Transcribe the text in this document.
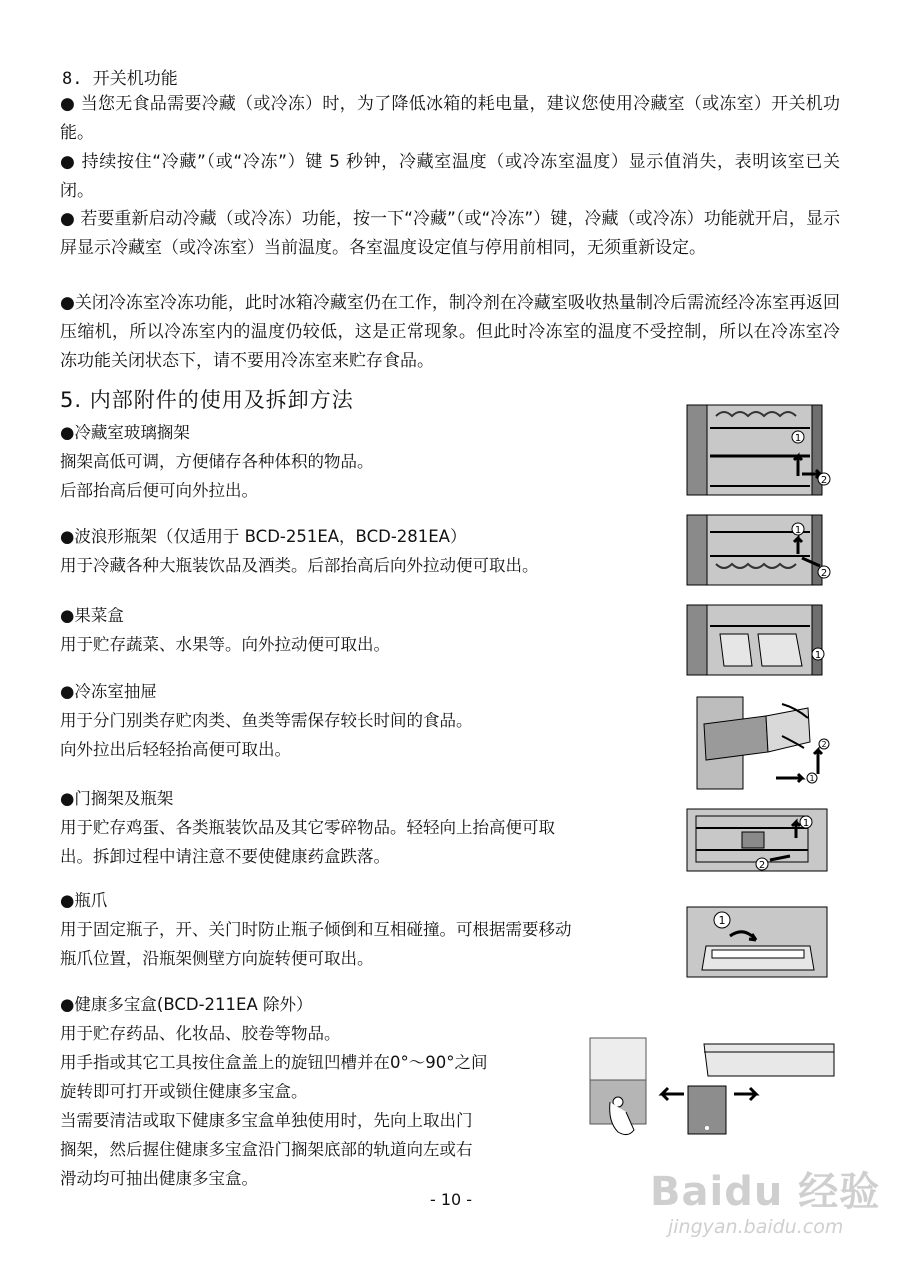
8. 开关机功能

● 当您无食品需要冷藏（或冷冻）时，为了降低冰箱的耗电量，建议您使用冷藏室（或冻室）开关机功能。

● 持续按住“冷藏”（或“冷冻”）键 5 秒钟，冷藏室温度（或冷冻室温度）显示值消失，表明该室已关闭。

● 若要重新启动冷藏（或冷冻）功能，按一下“冷藏”（或“冷冻”）键，冷藏（或冷冻）功能就开启，显示屏显示冷藏室（或冷冻室）当前温度。各室温度设定值与停用前相同，无须重新设定。

●关闭冷冻室冷冻功能，此时冰箱冷藏室仍在工作，制冷剂在冷藏室吸收热量制冷后需流经冷冻室再返回压缩机，所以冷冻室内的温度仍较低，这是正常现象。但此时冷冻室的温度不受控制，所以在冷冻室冷冻功能关闭状态下，请不要用冷冻室来贮存食品。

5. 内部附件的使用及拆卸方法
●冷藏室玻璃搁架
搁架高低可调，方便储存各种体积的物品。
后部抬高后便可向外拉出。
●波浪形瓶架（仅适用于 BCD-251EA，BCD-281EA）
用于冷藏各种大瓶装饮品及酒类。后部抬高后向外拉动便可取出。
●果菜盒
用于贮存蔬菜、水果等。向外拉动便可取出。
●冷冻室抽屉
用于分门别类存贮肉类、鱼类等需保存较长时间的食品。
向外拉出后轻轻抬高便可取出。
●门搁架及瓶架
用于贮存鸡蛋、各类瓶装饮品及其它零碎物品。轻轻向上抬高便可取
出。拆卸过程中请注意不要使健康药盒跌落。
●瓶爪
用于固定瓶子，开、关门时防止瓶子倾倒和互相碰撞。可根据需要移动
瓶爪位置，沿瓶架侧壁方向旋转便可取出。
●健康多宝盒(BCD-211EA 除外）
用于贮存药品、化妆品、胶卷等物品。
用手指或其它工具按住盒盖上的旋钮凹槽并在0°～90°之间
旋转即可打开或锁住健康多宝盒。
当需要清洁或取下健康多宝盒单独使用时，先向上取出门
搁架，然后握住健康多宝盒沿门搁架底部的轨道向左或右
滑动均可抽出健康多宝盒。
1
2
1
2
1
2
1
1
2
1
- 10 -	Baidu 经验
jingyan.baidu.com
